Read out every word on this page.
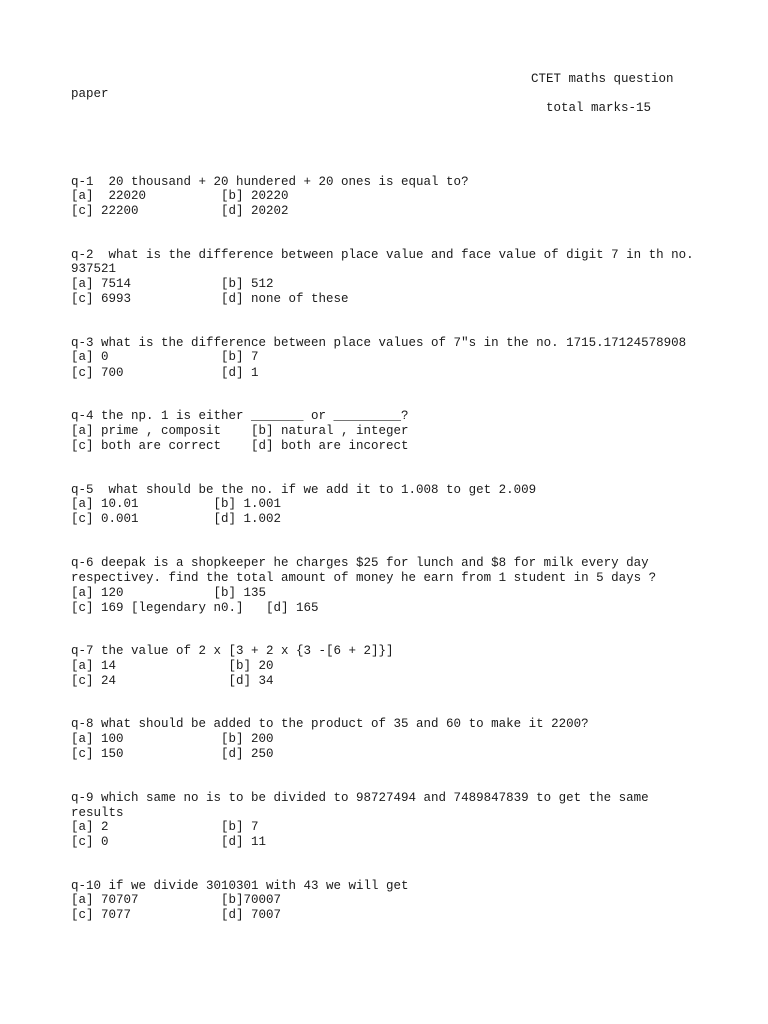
CTET maths question
paper
total marks-15
q-1  20 thousand + 20 hundered + 20 ones is equal to?
[a]  22020          [b] 20220
[c] 22200           [d] 20202
q-2  what is the difference between place value and face value of digit 7 in th no.
937521
[a] 7514            [b] 512
[c] 6993            [d] none of these
q-3 what is the difference between place values of 7"s in the no. 1715.17124578908
[a] 0               [b] 7
[c] 700             [d] 1
q-4 the np. 1 is either _______ or _________?
[a] prime , composit    [b] natural , integer
[c] both are correct    [d] both are incorect
q-5  what should be the no. if we add it to 1.008 to get 2.009
[a] 10.01          [b] 1.001
[c] 0.001          [d] 1.002
q-6 deepak is a shopkeeper he charges $25 for lunch and $8 for milk every day
respectivey. find the total amount of money he earn from 1 student in 5 days ?
[a] 120            [b] 135
[c] 169 [legendary n0.]   [d] 165
q-7 the value of 2 x [3 + 2 x {3 -[6 + 2]}]
[a] 14               [b] 20
[c] 24               [d] 34
q-8 what should be added to the product of 35 and 60 to make it 2200?
[a] 100             [b] 200
[c] 150             [d] 250
q-9 which same no is to be divided to 98727494 and 7489847839 to get the same
results
[a] 2               [b] 7
[c] 0               [d] 11
q-10 if we divide 3010301 with 43 we will get
[a] 70707           [b]70007
[c] 7077            [d] 7007
